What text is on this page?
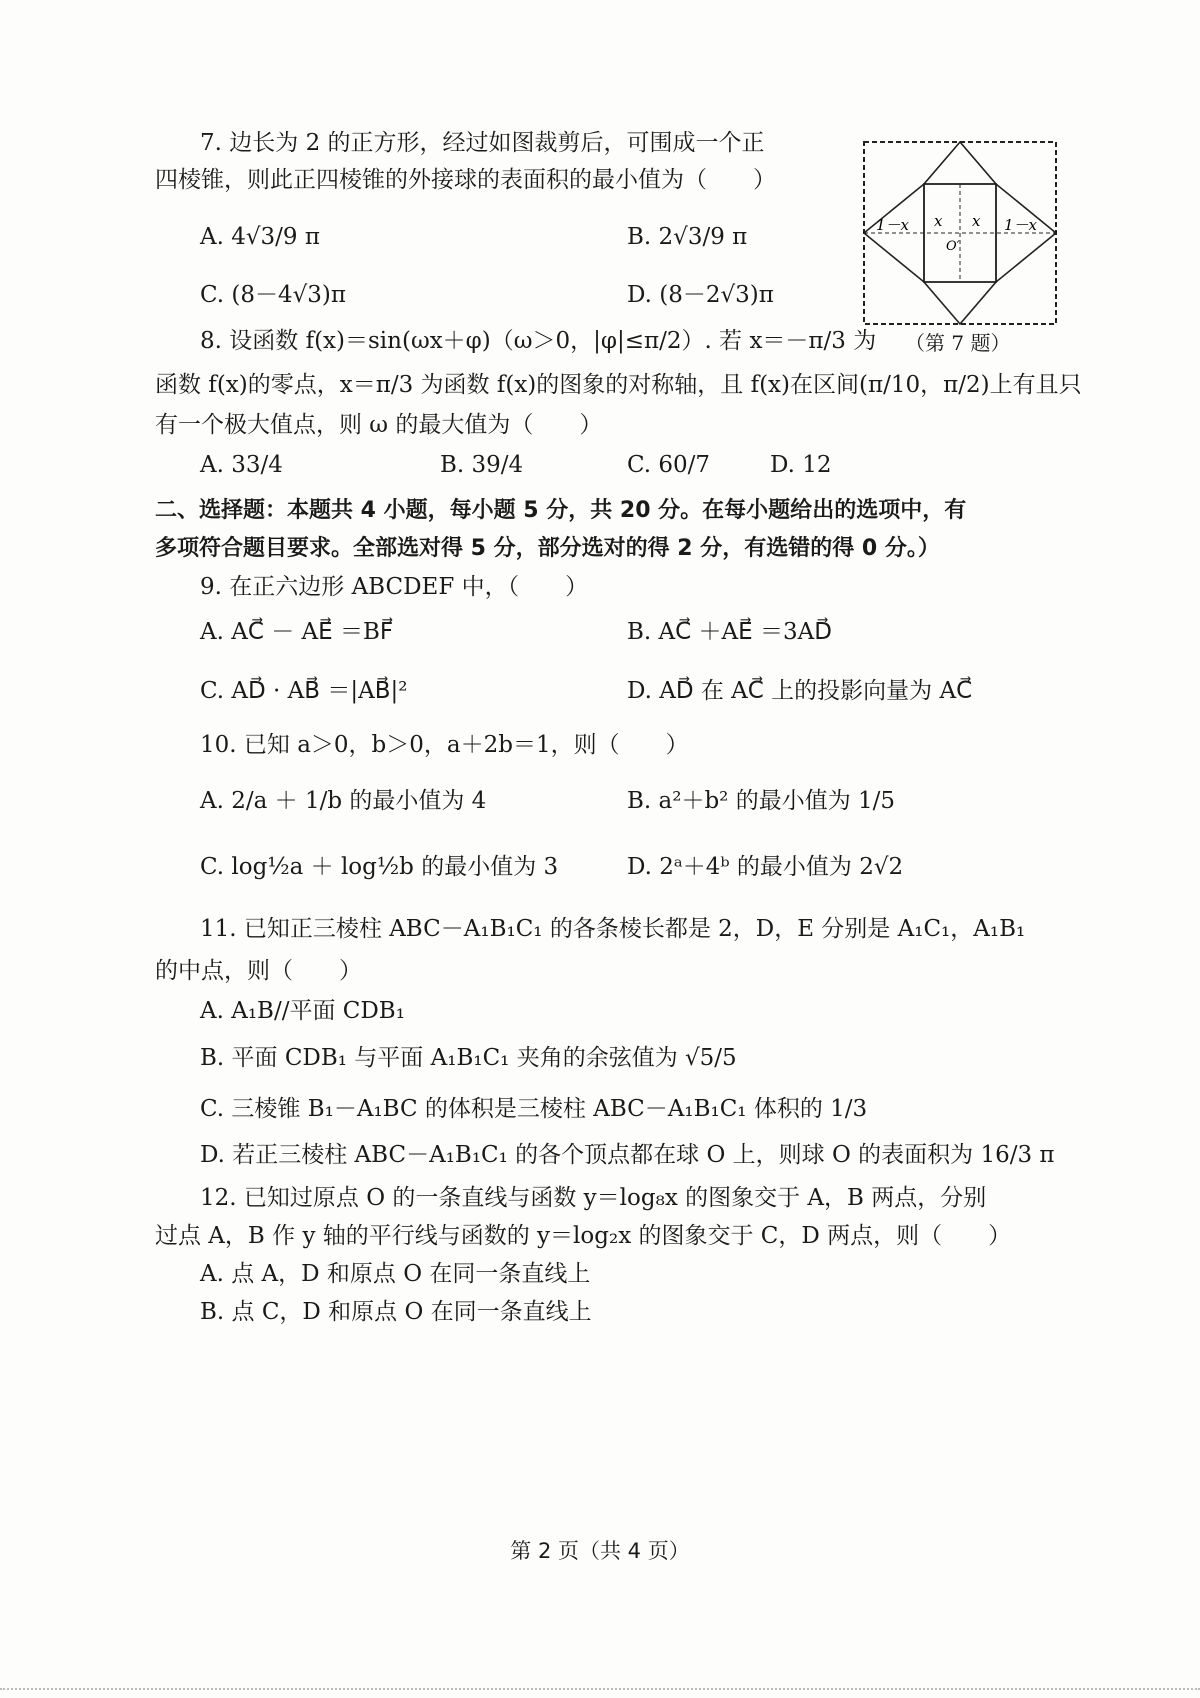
7. 边长为 2 的正方形，经过如图裁剪后，可围成一个正
四棱锥，则此正四棱锥的外接球的表面积的最小值为（　　）
A. 4√3/9 π	B. 2√3/9 π
C. (8－4√3)π	D. (8－2√3)π
1－x x x 1－x
O′
（第 7 题）
8. 设函数 f(x)＝sin(ωx＋φ)（ω＞0，|φ|≤π/2）. 若 x＝－π/3 为
函数 f(x)的零点，x＝π/3 为函数 f(x)的图象的对称轴，且 f(x)在区间(π/10，π/2)上有且只
有一个极大值点，则 ω 的最大值为（　　）
A. 33/4	B. 39/4	C. 60/7	D. 12
二、选择题：本题共 4 小题，每小题 5 分，共 20 分。在每小题给出的选项中，有
多项符合题目要求。全部选对得 5 分，部分选对的得 2 分，有选错的得 0 分。）
9. 在正六边形 ABCDEF 中，（　　）
A. AC⃗ － AE⃗ ＝BF⃗	B. AC⃗ ＋AE⃗ ＝3AD⃗
C. AD⃗ · AB⃗ ＝|AB⃗|²	D. AD⃗ 在 AC⃗ 上的投影向量为 AC⃗
10. 已知 a＞0，b＞0，a＋2b＝1，则（　　）
A. 2/a ＋ 1/b 的最小值为 4	B. a²＋b² 的最小值为 1/5
C. log½a ＋ log½b 的最小值为 3	D. 2ᵃ＋4ᵇ 的最小值为 2√2
11. 已知正三棱柱 ABC－A₁B₁C₁ 的各条棱长都是 2，D，E 分别是 A₁C₁，A₁B₁
的中点，则（　　）
A. A₁B//平面 CDB₁
B. 平面 CDB₁ 与平面 A₁B₁C₁ 夹角的余弦值为 √5/5
C. 三棱锥 B₁－A₁BC 的体积是三棱柱 ABC－A₁B₁C₁ 体积的 1/3
D. 若正三棱柱 ABC－A₁B₁C₁ 的各个顶点都在球 O 上，则球 O 的表面积为 16/3 π
12. 已知过原点 O 的一条直线与函数 y＝log₈x 的图象交于 A，B 两点，分别
过点 A，B 作 y 轴的平行线与函数的 y＝log₂x 的图象交于 C，D 两点，则（　　）
A. 点 A，D 和原点 O 在同一条直线上
B. 点 C，D 和原点 O 在同一条直线上
第 2 页（共 4 页）
